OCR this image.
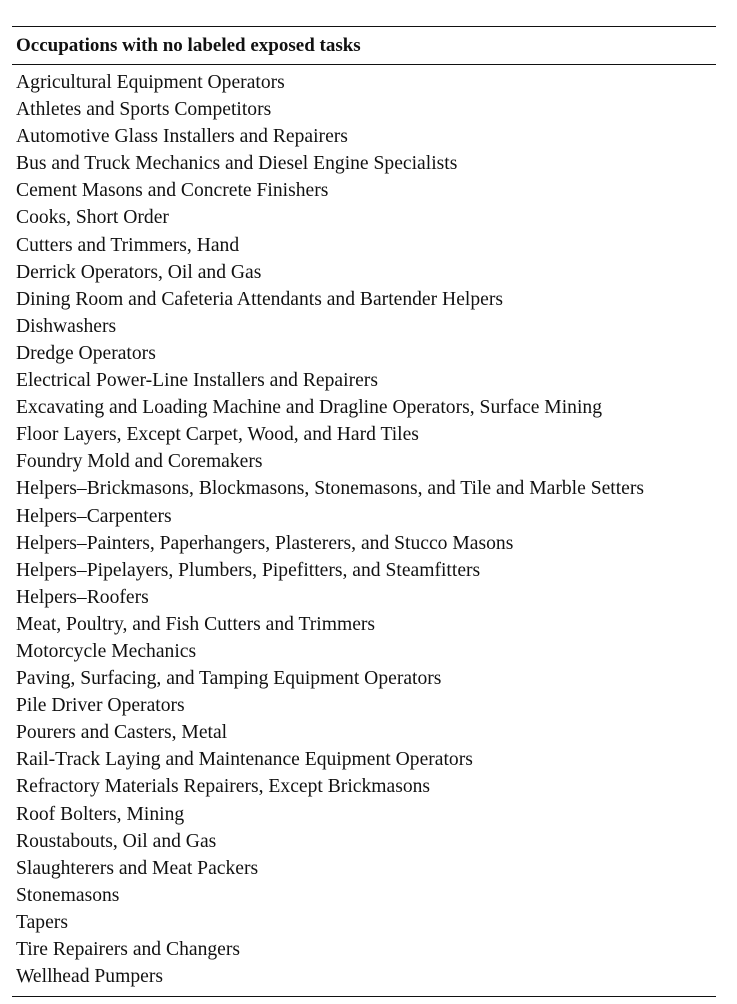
Occupations with no labeled exposed tasks
Agricultural Equipment Operators
Athletes and Sports Competitors
Automotive Glass Installers and Repairers
Bus and Truck Mechanics and Diesel Engine Specialists
Cement Masons and Concrete Finishers
Cooks, Short Order
Cutters and Trimmers, Hand
Derrick Operators, Oil and Gas
Dining Room and Cafeteria Attendants and Bartender Helpers
Dishwashers
Dredge Operators
Electrical Power-Line Installers and Repairers
Excavating and Loading Machine and Dragline Operators, Surface Mining
Floor Layers, Except Carpet, Wood, and Hard Tiles
Foundry Mold and Coremakers
Helpers–Brickmasons, Blockmasons, Stonemasons, and Tile and Marble Setters
Helpers–Carpenters
Helpers–Painters, Paperhangers, Plasterers, and Stucco Masons
Helpers–Pipelayers, Plumbers, Pipefitters, and Steamfitters
Helpers–Roofers
Meat, Poultry, and Fish Cutters and Trimmers
Motorcycle Mechanics
Paving, Surfacing, and Tamping Equipment Operators
Pile Driver Operators
Pourers and Casters, Metal
Rail-Track Laying and Maintenance Equipment Operators
Refractory Materials Repairers, Except Brickmasons
Roof Bolters, Mining
Roustabouts, Oil and Gas
Slaughterers and Meat Packers
Stonemasons
Tapers
Tire Repairers and Changers
Wellhead Pumpers
